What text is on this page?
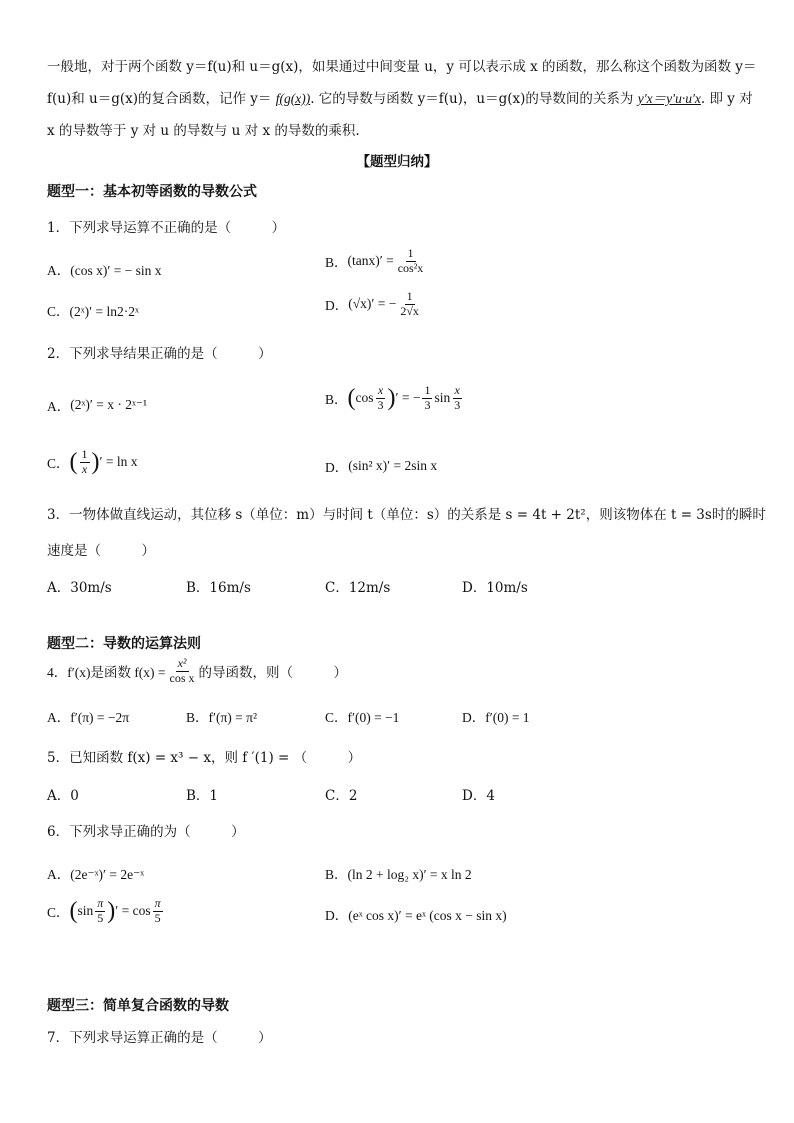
一般地，对于两个函数 y＝f(u)和 u＝g(x)，如果通过中间变量 u，y 可以表示成 x 的函数，那么称这个函数为函数 y＝
f(u)和 u＝g(x)的复合函数，记作 y＝ f(g(x)). 它的导数与函数 y＝f(u)，u＝g(x)的导数间的关系为 y′x＝y′u·u′x. 即 y 对
x 的导数等于 y 对 u 的导数与 u 对 x 的导数的乘积.
【题型归纳】
题型一：基本初等函数的导数公式
1．下列求导运算不正确的是（　　　）
A．(cos x)′ = − sin x
B． $(\tan x)' = \frac{1}{\text{cos²x}}$
C．(2ˣ)′ = ln2·2ˣ	D． (√x)′ = − $\frac{1}{2√x}$
2．下列求导结果正确的是（　　　）
A． (2ˣ)′ = x · 2ˣ⁻¹	B． ( $\cos \frac{x}{3}$ ) ′ = − $\frac{1}{3}$ $\sin \frac{x}{3}$
C． ( $\frac{1}{x}$ ) ′ = ln x	D． (sin² x)′ = 2sin x
3．一物体做直线运动，其位移 s（单位：m）与时间 t（单位：s）的关系是 s = 4t + 2t²，则该物体在 t = 3s时的瞬时
速度是（　　　）
A．30m/s	B．16m/s	C．12m/s	D．10m/s
题型二：导数的运算法则
4． f′(x)是函数 $f(x) = \frac{\text{x²}}{\text{cos x}}$ 的导函数，则（　　　）
A．f′(π) = −2π	B．f′(π) = π²	C．f′(0) = −1	D．f′(0) = 1
5．已知函数 f(x) = x³ − x，则 f ′(1) = （　　　）
A．0	B．1	C．2	D．4
6．下列求导正确的为（　　　）
A．(2e⁻ˣ)′ = 2e⁻ˣ	B．(ln 2 + log₂ x)′ = x ln 2
C． ( $\sin \frac{\pi}{5}$ ) ′ = $\cos \frac{\pi}{5}$	D．(eˣ cos x)′ = eˣ (cos x − sin x)
题型三：简单复合函数的导数
7．下列求导运算正确的是（　　　）
